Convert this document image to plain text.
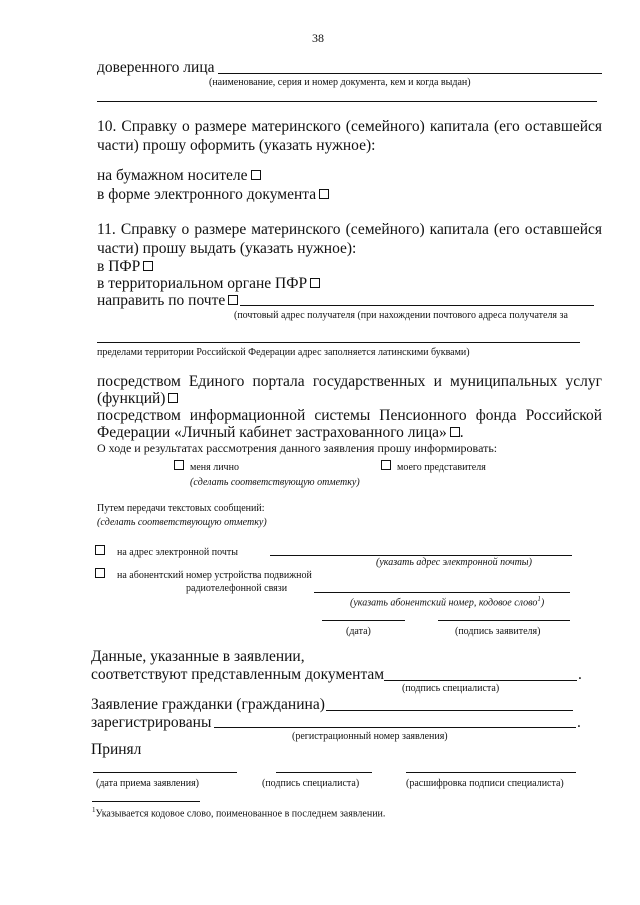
38
доверенного лица
(наименование, серия и номер документа, кем и когда выдан)
10. Справку о размере материнского (семейного) капитала (его оставшейся
части) прошу оформить (указать нужное):
на бумажном носителе
в форме электронного документа
11. Справку о размере материнского (семейного) капитала (его оставшейся
части) прошу выдать (указать нужное):
в ПФР
в территориальном органе ПФР
направить по почте
(почтовый адрес получателя (при нахождении почтового адреса получателя за
пределами территории Российской Федерации адрес заполняется латинскими буквами)
посредством Единого портала государственных и муниципальных услуг
(функций)
посредством информационной системы Пенсионного фонда Российской
Федерации «Личный кабинет застрахованного лица» .
О ходе и результатах рассмотрения данного заявления прошу информировать:
меня лично	моего представителя
(сделать соответствующую отметку)
Путем передачи текстовых сообщений:
(сделать соответствующую отметку)
на адрес электронной почты
(указать адрес электронной почты)
на абонентский номер устройства подвижной
радиотелефонной связи
(указать абонентский номер, кодовое слово$^1$)
(дата)	(подпись заявителя)
Данные, указанные в заявлении,
соответствуют представленным документам	.
(подпись специалиста)
Заявление гражданки (гражданина)
зарегистрированы	.
(регистрационный номер заявления)
Принял
(дата приема заявления)	(подпись специалиста)	(расшифровка подписи специалиста)
$^1$Указывается кодовое слово, поименованное в последнем заявлении.
